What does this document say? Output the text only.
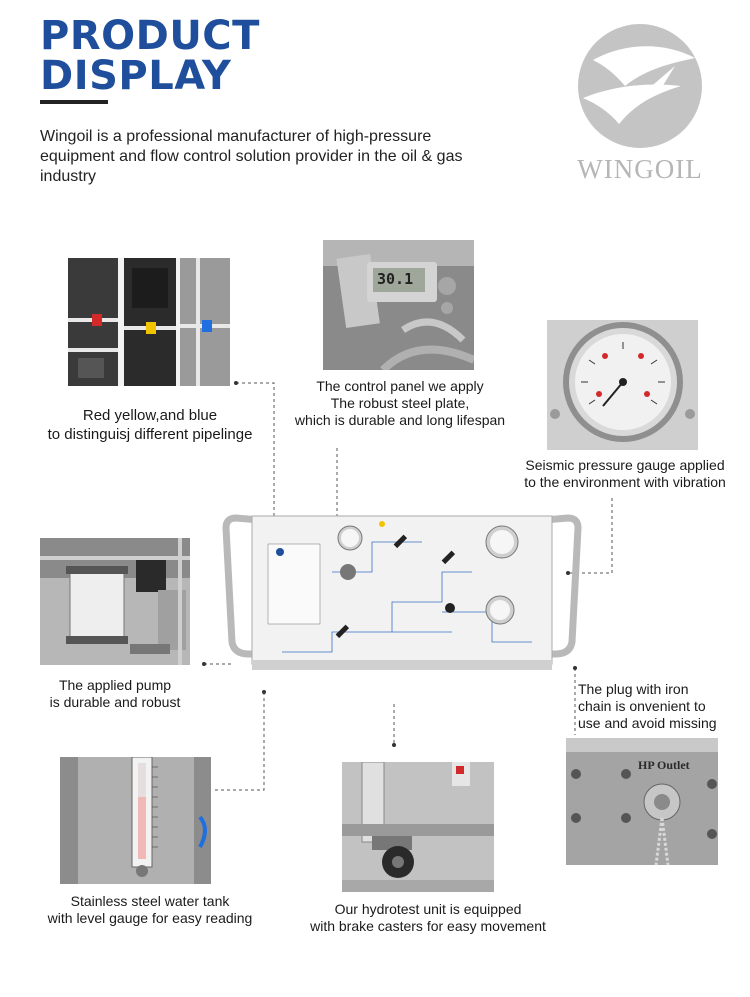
PRODUCT
DISPLAY
Wingoil is a professional manufacturer of high-pressure equipment and flow control solution provider in the oil & gas industry	WINGOIL
Red yellow,and blue
to distinguisj different pipelinge
30.1
The control panel we apply
The robust steel plate,
which is durable and long lifespan
Seismic pressure gauge applied
to the environment with vibration
The applied pump
is durable and robust
The plug with iron
chain is onvenient to
use and avoid missing
HP Outlet
Stainless steel water tank
with level gauge for easy reading
Our hydrotest unit is equipped
with brake casters for easy movement
